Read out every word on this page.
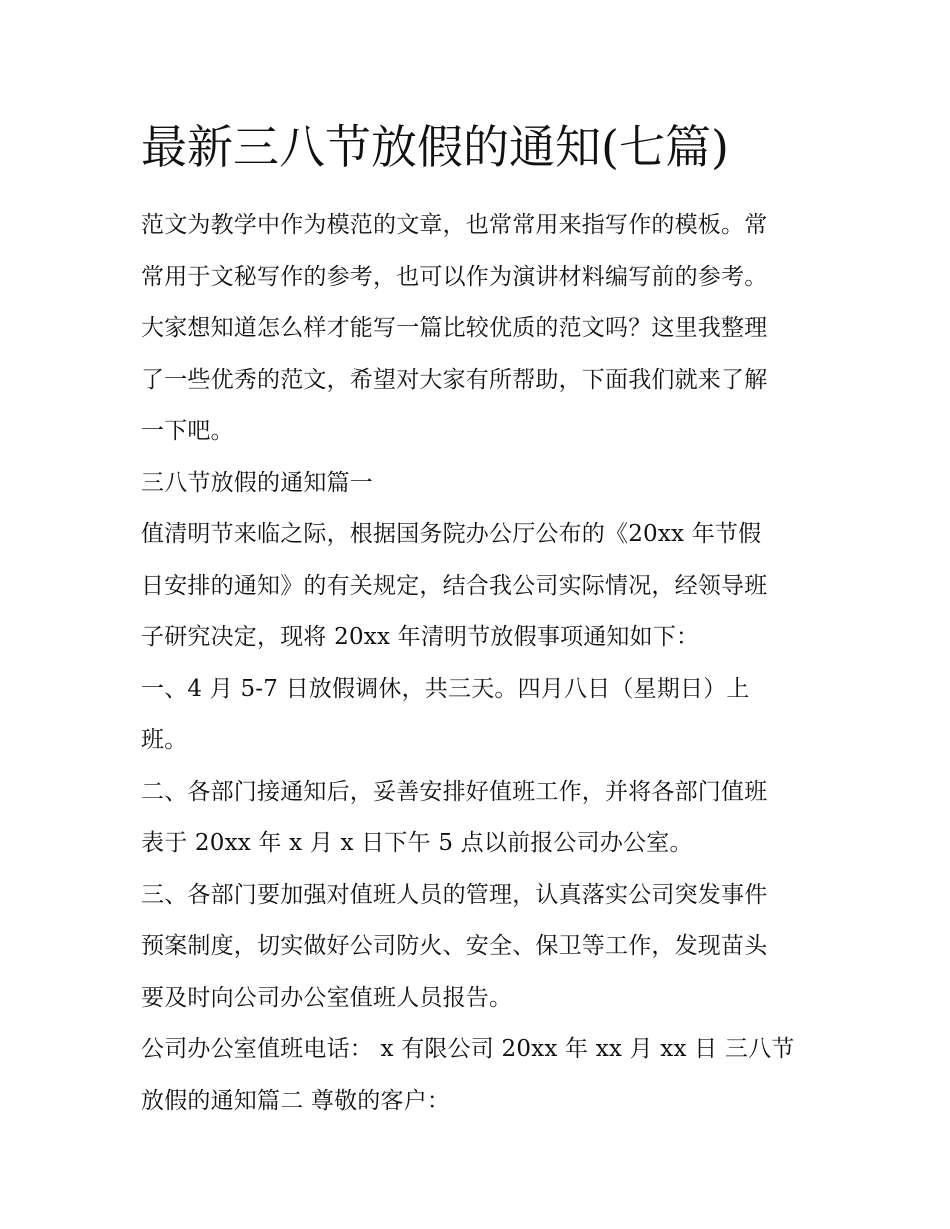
最新三八节放假的通知(七篇)

范文为教学中作为模范的文章，也常常用来指写作的模板。常
常用于文秘写作的参考，也可以作为演讲材料编写前的参考。
大家想知道怎么样才能写一篇比较优质的范文吗？这里我整理
了一些优秀的范文，希望对大家有所帮助，下面我们就来了解
一下吧。

三八节放假的通知篇一

值清明节来临之际，根据国务院办公厅公布的《20xx 年节假
日安排的通知》的有关规定，结合我公司实际情况，经领导班
子研究决定，现将 20xx 年清明节放假事项通知如下：

一、4 月 5-7 日放假调休，共三天。四月八日（星期日）上
班。

二、各部门接通知后，妥善安排好值班工作，并将各部门值班
表于 20xx 年 x 月 x 日下午 5 点以前报公司办公室。

三、各部门要加强对值班人员的管理，认真落实公司突发事件
预案制度，切实做好公司防火、安全、保卫等工作，发现苗头
要及时向公司办公室值班人员报告。

公司办公室值班电话： x 有限公司 20xx 年 xx 月 xx 日 三八节
放假的通知篇二 尊敬的客户：
